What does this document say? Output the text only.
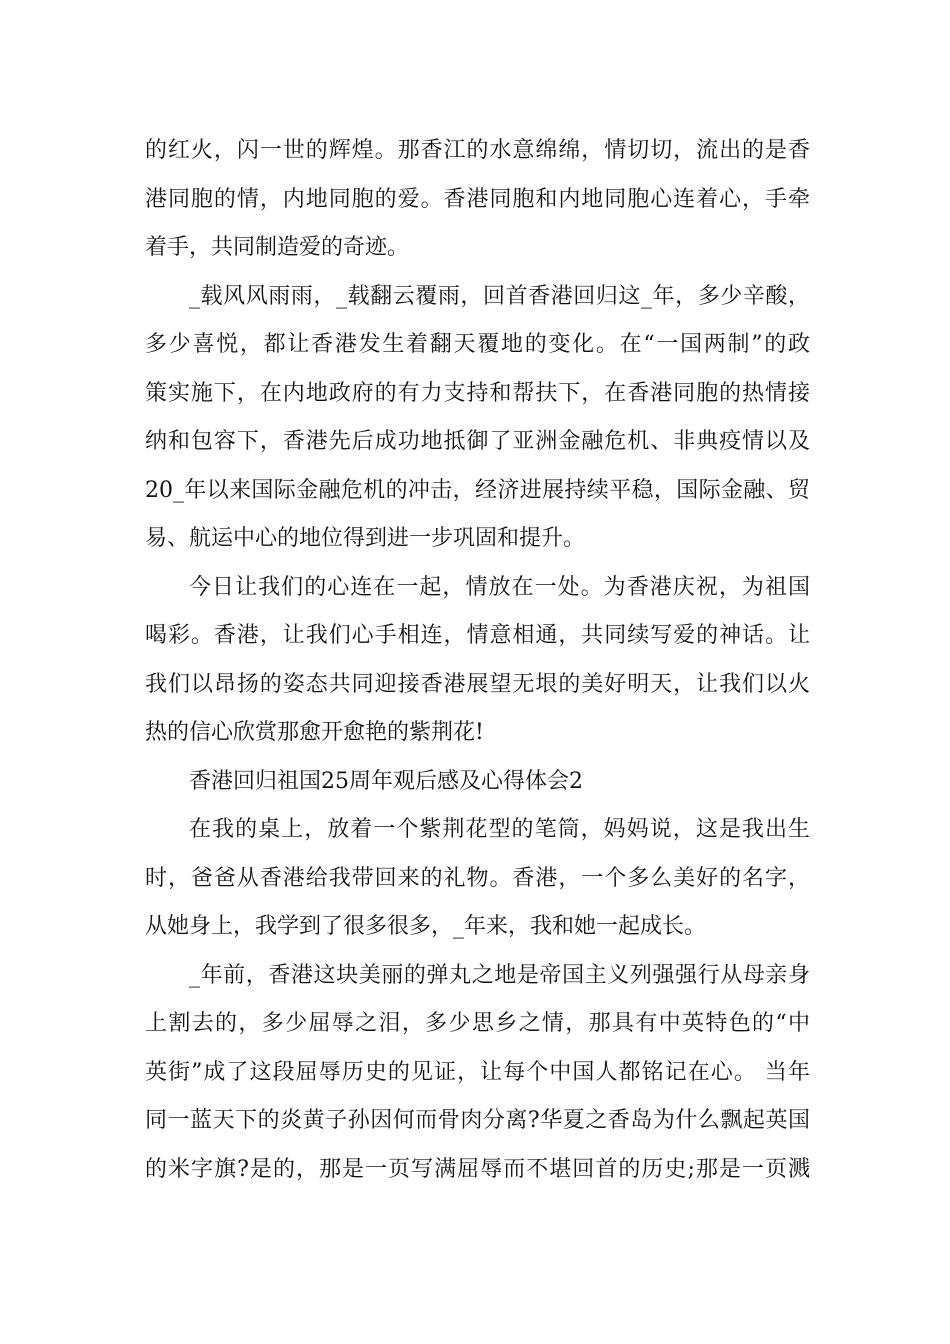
的红火，闪一世的辉煌。那香江的水意绵绵，情切切，流出的是香
港同胞的情，内地同胞的爱。香港同胞和内地同胞心连着心，手牵
着手，共同制造爱的奇迹。
_载风风雨雨，_载翻云覆雨，回首香港回归这_年，多少辛酸，
多少喜悦，都让香港发生着翻天覆地的变化。在“一国两制”的政
策实施下，在内地政府的有力支持和帮扶下，在香港同胞的热情接
纳和包容下，香港先后成功地抵御了亚洲金融危机、非典疫情以及
20_年以来国际金融危机的冲击，经济进展持续平稳，国际金融、贸
易、航运中心的地位得到进一步巩固和提升。
今日让我们的心连在一起，情放在一处。为香港庆祝，为祖国
喝彩。香港，让我们心手相连，情意相通，共同续写爱的神话。让
我们以昂扬的姿态共同迎接香港展望无垠的美好明天，让我们以火
热的信心欣赏那愈开愈艳的紫荆花!
香港回归祖国25周年观后感及心得体会2
在我的桌上，放着一个紫荆花型的笔筒，妈妈说，这是我出生
时，爸爸从香港给我带回来的礼物。香港，一个多么美好的名字，
从她身上，我学到了很多很多，_年来，我和她一起成长。
_年前，香港这块美丽的弹丸之地是帝国主义列强强行从母亲身
上割去的，多少屈辱之泪，多少思乡之情，那具有中英特色的“中
英街”成了这段屈辱历史的见证，让每个中国人都铭记在心。 当年
同一蓝天下的炎黄子孙因何而骨肉分离?华夏之香岛为什么飘起英国
的米字旗?是的，那是一页写满屈辱而不堪回首的历史;那是一页溅
